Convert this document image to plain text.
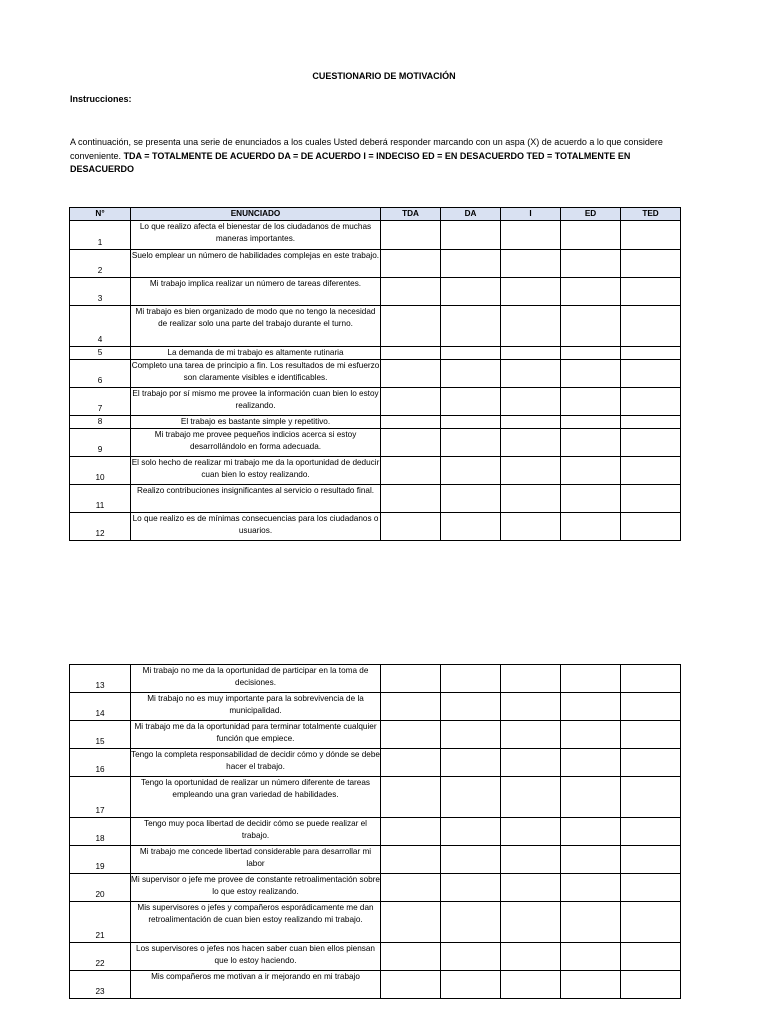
CUESTIONARIO DE MOTIVACIÓN
Instrucciones:
A continuación, se presenta una serie de enunciados a los cuales Usted deberá responder marcando con un aspa (X) de acuerdo a lo que considere conveniente. TDA = TOTALMENTE DE ACUERDO DA = DE ACUERDO I = INDECISO ED = EN DESACUERDO TED = TOTALMENTE EN DESACUERDO
N°	ENUNCIADO	TDA	DA	I	ED	TED
1	Lo que realizo afecta el bienestar de los ciudadanos de muchas maneras importantes.					
2	Suelo emplear un número de habilidades complejas en este trabajo.					
3	Mi trabajo implica realizar un número de tareas diferentes.					
4	Mi trabajo es bien organizado de modo que no tengo la necesidad de realizar solo una parte del trabajo durante el turno.					
5	La demanda de mi trabajo es altamente rutinaria					
6	Completo una tarea de principio a fin. Los resultados de mi esfuerzo son claramente visibles e identificables.					
7	El trabajo por sí mismo me provee la información cuan bien lo estoy realizando.					
8	El trabajo es bastante simple y repetitivo.					
9	Mi trabajo me provee pequeños indicios acerca si estoy desarrollándolo en forma adecuada.					
10	El solo hecho de realizar mi trabajo me da la oportunidad de deducir cuan bien lo estoy realizando.					
11	Realizo contribuciones insignificantes al servicio o resultado final.					
12	Lo que realizo es de mínimas consecuencias para los ciudadanos o usuarios.					
13	Mi trabajo no me da la oportunidad de participar en la toma de decisiones.					
14	Mi trabajo no es muy importante para la sobrevivencia de la municipalidad.					
15	Mi trabajo me da la oportunidad para terminar totalmente cualquier función que empiece.					
16	Tengo la completa responsabilidad de decidir cómo y dónde se debe hacer el trabajo.					
17	Tengo la oportunidad de realizar un número diferente de tareas empleando una gran variedad de habilidades.					
18	Tengo muy poca libertad de decidir cómo se puede realizar el trabajo.					
19	Mi trabajo me concede libertad considerable para desarrollar mi labor					
20	Mi supervisor o jefe me provee de constante retroalimentación sobre lo que estoy realizando.					
21	Mis supervisores o jefes y compañeros esporádicamente me dan retroalimentación de cuan bien estoy realizando mi trabajo.					
22	Los supervisores o jefes nos hacen saber cuan bien ellos piensan que lo estoy haciendo.					
23	Mis compañeros me motivan a ir mejorando en mi trabajo					
